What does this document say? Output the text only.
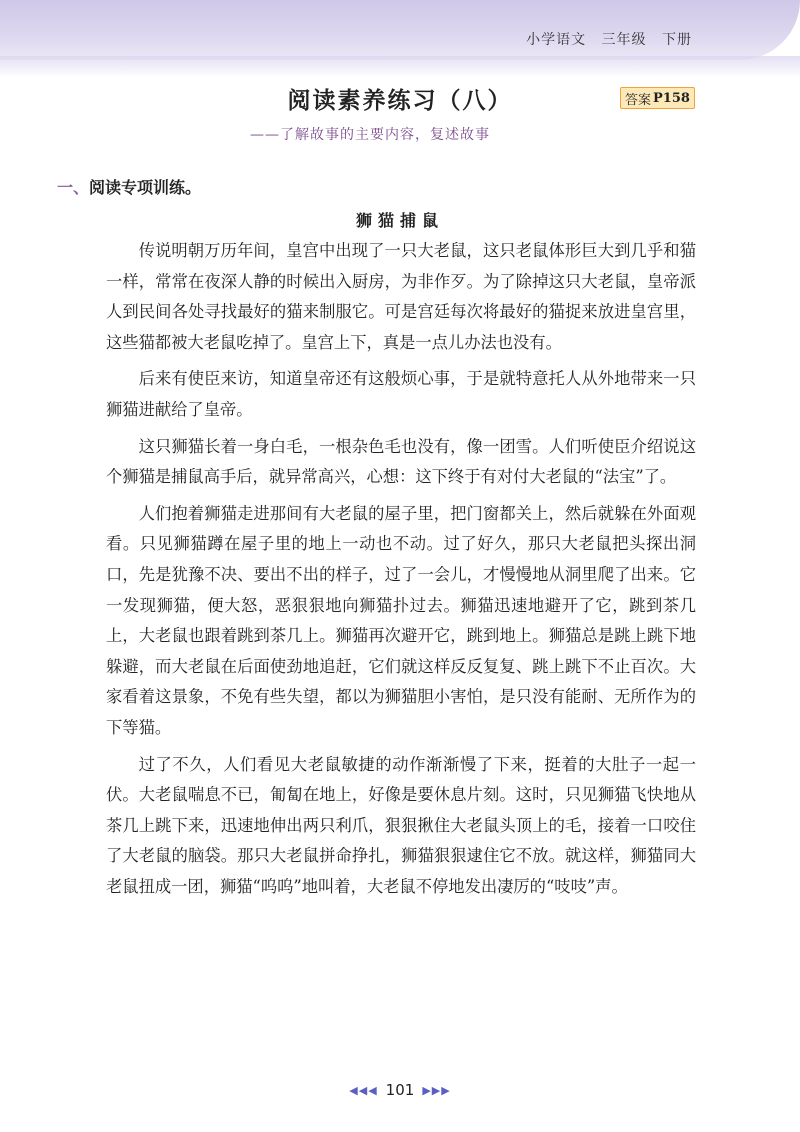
小学语文 三年级 下册
阅读素养练习（八）	答案 P158
——了解故事的主要内容，复述故事
一、阅读专项训练。
狮猫捕鼠

传说明朝万历年间，皇宫中出现了一只大老鼠，这只老鼠体形巨大到几乎和猫一样，常常在夜深人静的时候出入厨房，为非作歹。为了除掉这只大老鼠，皇帝派人到民间各处寻找最好的猫来制服它。可是宫廷每次将最好的猫捉来放进皇宫里，这些猫都被大老鼠吃掉了。皇宫上下，真是一点儿办法也没有。

后来有使臣来访，知道皇帝还有这般烦心事，于是就特意托人从外地带来一只狮猫进献给了皇帝。

这只狮猫长着一身白毛，一根杂色毛也没有，像一团雪。人们听使臣介绍说这个狮猫是捕鼠高手后，就异常高兴，心想：这下终于有对付大老鼠的“法宝”了。

人们抱着狮猫走进那间有大老鼠的屋子里，把门窗都关上，然后就躲在外面观看。只见狮猫蹲在屋子里的地上一动也不动。过了好久，那只大老鼠把头探出洞口，先是犹豫不决、要出不出的样子，过了一会儿，才慢慢地从洞里爬了出来。它一发现狮猫，便大怒，恶狠狠地向狮猫扑过去。狮猫迅速地避开了它，跳到茶几上，大老鼠也跟着跳到茶几上。狮猫再次避开它，跳到地上。狮猫总是跳上跳下地躲避，而大老鼠在后面使劲地追赶，它们就这样反反复复、跳上跳下不止百次。大家看着这景象，不免有些失望，都以为狮猫胆小害怕，是只没有能耐、无所作为的下等猫。

过了不久，人们看见大老鼠敏捷的动作渐渐慢了下来，挺着的大肚子一起一伏。大老鼠喘息不已，匍匐在地上，好像是要休息片刻。这时，只见狮猫飞快地从茶几上跳下来，迅速地伸出两只利爪，狠狠揪住大老鼠头顶上的毛，接着一口咬住了大老鼠的脑袋。那只大老鼠拼命挣扎，狮猫狠狠逮住它不放。就这样，狮猫同大老鼠扭成一团，狮猫“呜呜”地叫着，大老鼠不停地发出凄厉的“吱吱”声。

◀◀◀ 101 ▶▶▶
